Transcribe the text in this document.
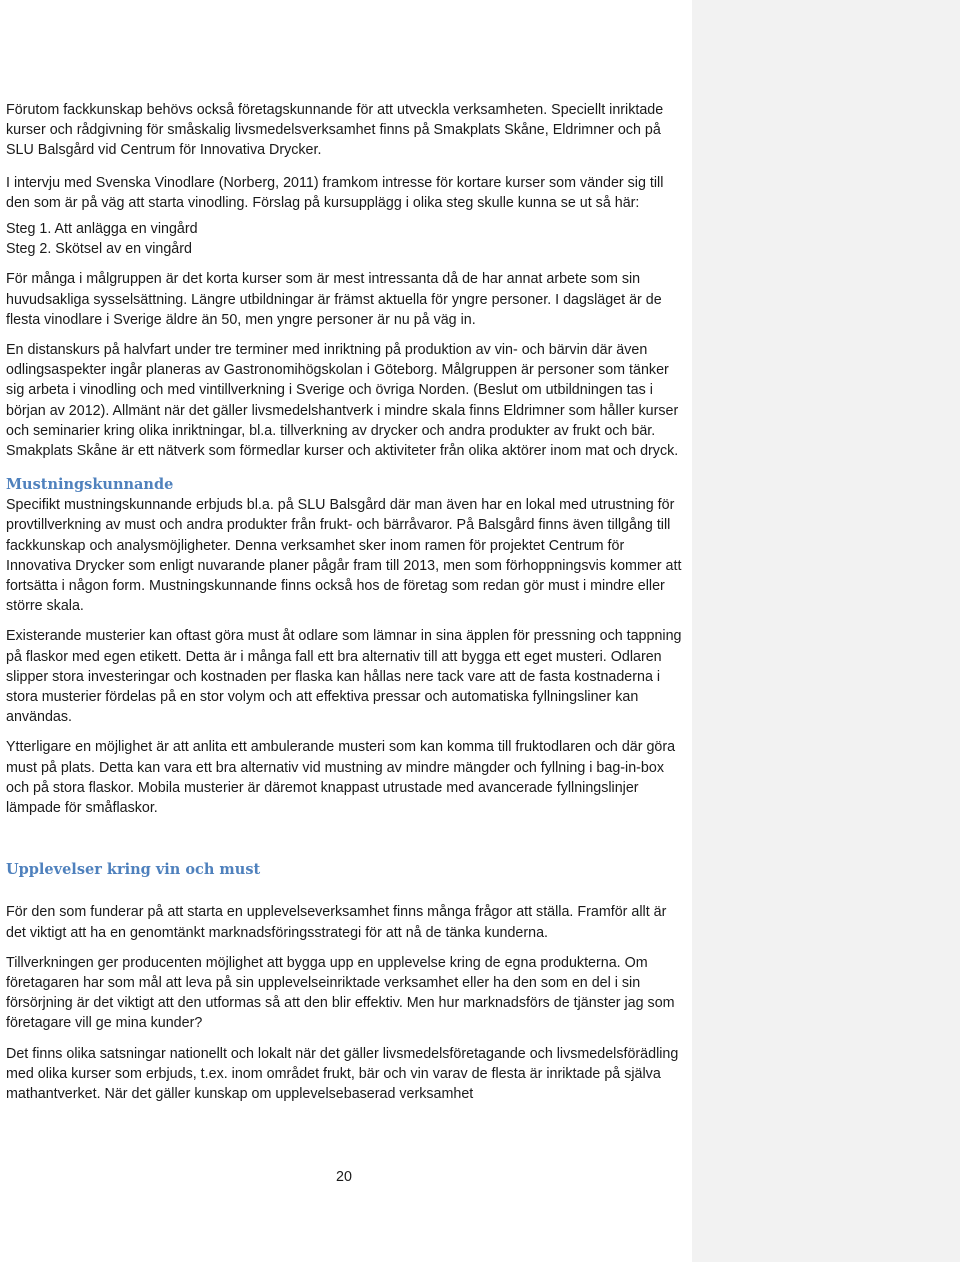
Förutom fackkunskap behövs också företagskunnande för att utveckla verksamheten. Speciellt inriktade kurser och rådgivning för småskalig livsmedelsverksamhet finns på Smakplats Skåne, Eldrimner och på SLU Balsgård vid Centrum för Innovativa Drycker.

I intervju med Svenska Vinodlare (Norberg, 2011) framkom intresse för kortare kurser som vänder sig till den som är på väg att starta vinodling. Förslag på kursupplägg i olika steg skulle kunna se ut så här:

Steg 1. Att anlägga en vingård

Steg 2. Skötsel av en vingård

För många i målgruppen är det korta kurser som är mest intressanta då de har annat arbete som sin huvudsakliga sysselsättning. Längre utbildningar är främst aktuella för yngre personer. I dagsläget är de flesta vinodlare i Sverige äldre än 50, men yngre personer är nu på väg in.

En distanskurs på halvfart under tre terminer med inriktning på produktion av vin- och bärvin där även odlingsaspekter ingår planeras av Gastronomihögskolan i Göteborg. Målgruppen är personer som tänker sig arbeta i vinodling och med vintillverkning i Sverige och övriga Norden. (Beslut om utbildningen tas i början av 2012). Allmänt när det gäller livsmedelshantverk i mindre skala finns Eldrimner som håller kurser och seminarier kring olika inriktningar, bl.a. tillverkning av drycker och andra produkter av frukt och bär. Smakplats Skåne är ett nätverk som förmedlar kurser och aktiviteter från olika aktörer inom mat och dryck.

Mustningskunnande

Specifikt mustningskunnande erbjuds bl.a. på SLU Balsgård där man även har en lokal med utrustning för provtillverkning av must och andra produkter från frukt- och bärråvaror. På Balsgård finns även tillgång till fackkunskap och analysmöjligheter. Denna verksamhet sker inom ramen för projektet Centrum för Innovativa Drycker som enligt nuvarande planer pågår fram till 2013, men som förhoppningsvis kommer att fortsätta i någon form. Mustningskunnande finns också hos de företag som redan gör must i mindre eller större skala.

Existerande musterier kan oftast göra must åt odlare som lämnar in sina äpplen för pressning och tappning på flaskor med egen etikett. Detta är i många fall ett bra alternativ till att bygga ett eget musteri. Odlaren slipper stora investeringar och kostnaden per flaska kan hållas nere tack vare att de fasta kostnaderna i stora musterier fördelas på en stor volym och att effektiva pressar och automatiska fyllningsliner kan användas.

Ytterligare en möjlighet är att anlita ett ambulerande musteri som kan komma till fruktodlaren och där göra must på plats. Detta kan vara ett bra alternativ vid mustning av mindre mängder och fyllning i bag-in-box och på stora flaskor. Mobila musterier är däremot knappast utrustade med avancerade fyllningslinjer lämpade för småflaskor.

Upplevelser kring vin och must

För den som funderar på att starta en upplevelseverksamhet finns många frågor att ställa. Framför allt är det viktigt att ha en genomtänkt marknadsföringsstrategi för att nå de tänka kunderna.

Tillverkningen ger producenten möjlighet att bygga upp en upplevelse kring de egna produkterna. Om företagaren har som mål att leva på sin upplevelseinriktade verksamhet eller ha den som en del i sin försörjning är det viktigt att den utformas så att den blir effektiv. Men hur marknadsförs de tjänster jag som företagare vill ge mina kunder?

Det finns olika satsningar nationellt och lokalt när det gäller livsmedelsföretagande och livsmedelsförädling med olika kurser som erbjuds, t.ex. inom området frukt, bär och vin varav de flesta är inriktade på själva mathantverket. När det gäller kunskap om upplevelsebaserad verksamhet

20
